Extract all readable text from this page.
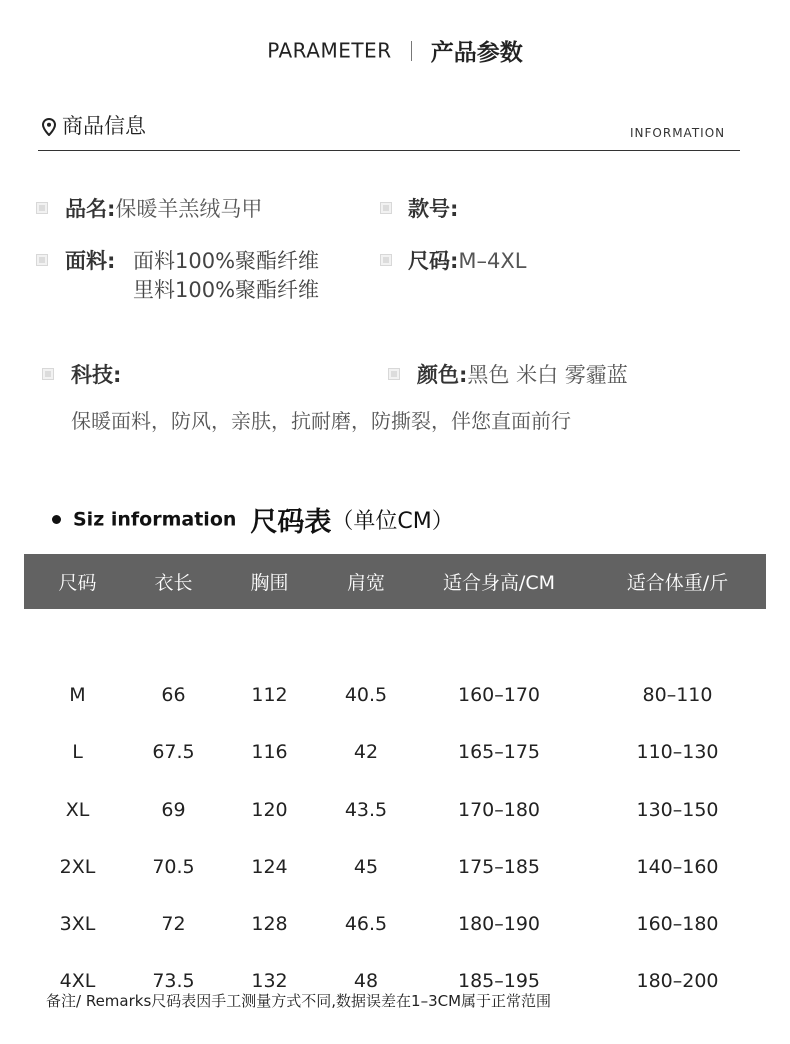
PARAMETER 产品参数
商品信息	INFORMATION
品名:保暖羊羔绒马甲	款号:
面料: 面料100%聚酯纤维
里料100%聚酯纤维
尺码:M–4XL
科技:
保暖面料，防风，亲肤，抗耐磨，防撕裂，伴您直面前行
颜色:黑色 米白 雾霾蓝
Siz information 尺码表（单位CM）
尺码	衣长	胸围	肩宽	适合身高/CM	适合体重/斤

M	66	112	40.5	160–170	80–110
L	67.5	116	42	165–175	110–130
XL	69	120	43.5	170–180	130–150
2XL	70.5	124	45	175–185	140–160
3XL	72	128	46.5	180–190	160–180
4XL	73.5	132	48	185–195	180–200
备注/ Remarks尺码表因手工测量方式不同,数据误差在1–3CM属于正常范围
